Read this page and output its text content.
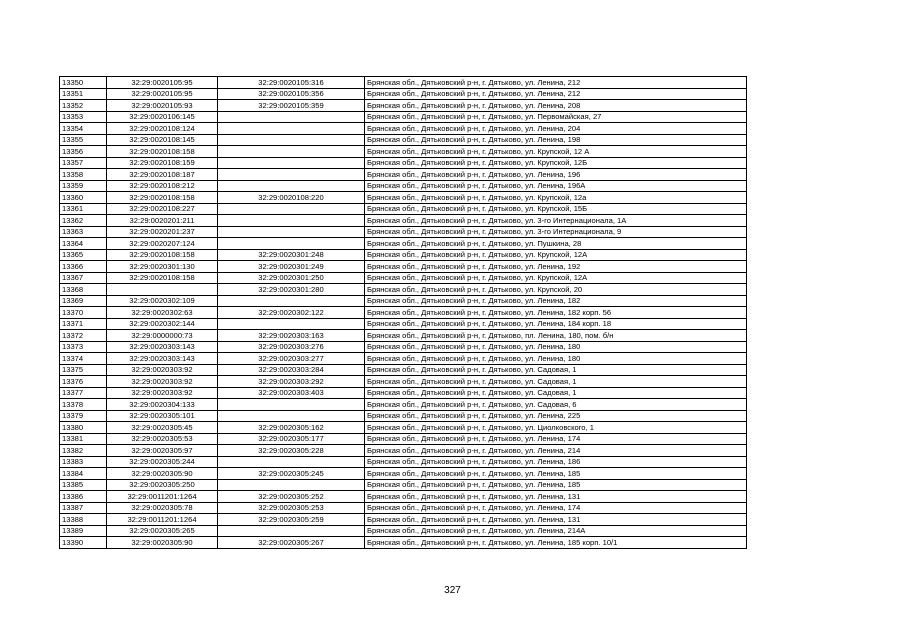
13350	32:29:0020105:95	32:29:0020105:316	Брянская обл., Дятьковский р-н, г. Дятьково, ул. Ленина, 212
13351	32:29:0020105:95	32:29:0020105:356	Брянская обл., Дятьковский р-н, г. Дятьково, ул. Ленина, 212
13352	32:29:0020105:93	32:29:0020105:359	Брянская обл., Дятьковский р-н, г. Дятьково, ул. Ленина, 208
13353	32:29:0020106:145		Брянская обл., Дятьковский р-н, г. Дятьково, ул. Первомайская, 27
13354	32:29:0020108:124		Брянская обл., Дятьковский р-н, г. Дятьково, ул. Ленина, 204
13355	32:29:0020108:145		Брянская обл., Дятьковский р-н, г. Дятьково, ул. Ленина, 198
13356	32:29:0020108:158		Брянская обл., Дятьковский р-н, г. Дятьково, ул. Крупской, 12 А
13357	32:29:0020108:159		Брянская обл., Дятьковский р-н, г. Дятьково, ул. Крупской, 12Б
13358	32:29:0020108:187		Брянская обл., Дятьковский р-н, г. Дятьково, ул. Ленина, 196
13359	32:29:0020108:212		Брянская обл., Дятьковский р-н, г. Дятьково, ул. Ленина, 196А
13360	32:29:0020108:158	32:29:0020108:220	Брянская обл., Дятьковский р-н, г. Дятьково, ул. Крупской, 12а
13361	32:29:0020108:227		Брянская обл., Дятьковский р-н, г. Дятьково, ул. Крупской, 15Б
13362	32:29:0020201:211		Брянская обл., Дятьковский р-н, г. Дятьково, ул. 3-го Интернационала, 1А
13363	32:29:0020201:237		Брянская обл., Дятьковский р-н, г. Дятьково, ул. 3-го Интернационала, 9
13364	32:29:0020207:124		Брянская обл., Дятьковский р-н, г. Дятьково, ул. Пушкина, 28
13365	32:29:0020108:158	32:29:0020301:248	Брянская обл., Дятьковский р-н, г. Дятьково, ул. Крупской, 12А
13366	32:29:0020301:130	32:29:0020301:249	Брянская обл., Дятьковский р-н, г. Дятьково, ул. Ленина, 192
13367	32:29:0020108:158	32:29:0020301:250	Брянская обл., Дятьковский р-н, г. Дятьково, ул. Крупской, 12А
13368		32:29:0020301:280	Брянская обл., Дятьковский р-н, г. Дятьково, ул. Крупской, 20
13369	32:29:0020302:109		Брянская обл., Дятьковский р-н, г. Дятьково, ул. Ленина, 182
13370	32:29:0020302:63	32:29:0020302:122	Брянская обл., Дятьковский р-н, г. Дятьково, ул. Ленина, 182 корп. 56
13371	32:29:0020302:144		Брянская обл., Дятьковский р-н, г. Дятьково, ул. Ленина, 184 корп. 18
13372	32:29:0000000:73	32:29:0020303:163	Брянская обл., Дятьковский р-н, г. Дятьково, пл. Ленина, 180, пом. б/н
13373	32:29:0020303:143	32:29:0020303:276	Брянская обл., Дятьковский р-н, г. Дятьково, ул. Ленина, 180
13374	32:29:0020303:143	32:29:0020303:277	Брянская обл., Дятьковский р-н, г. Дятьково, ул. Ленина, 180
13375	32:29:0020303:92	32:29:0020303:284	Брянская обл., Дятьковский р-н, г. Дятьково, ул. Садовая, 1
13376	32:29:0020303:92	32:29:0020303:292	Брянская обл., Дятьковский р-н, г. Дятьково, ул. Садовая, 1
13377	32:29:0020303:92	32:29:0020303:403	Брянская обл., Дятьковский р-н, г. Дятьково, ул. Садовая, 1
13378	32:29:0020304:133		Брянская обл., Дятьковский р-н, г. Дятьково, ул. Садовая, 6
13379	32:29:0020305:101		Брянская обл., Дятьковский р-н, г. Дятьково, ул. Ленина, 225
13380	32:29:0020305:45	32:29:0020305:162	Брянская обл., Дятьковский р-н, г. Дятьково, ул. Циолковского, 1
13381	32:29:0020305:53	32:29:0020305:177	Брянская обл., Дятьковский р-н, г. Дятьково, ул. Ленина, 174
13382	32:29:0020305:97	32:29:0020305:228	Брянская обл., Дятьковский р-н, г. Дятьково, ул. Ленина, 214
13383	32:29:0020305:244		Брянская обл., Дятьковский р-н, г. Дятьково, ул. Ленина, 186
13384	32:29:0020305:90	32:29:0020305:245	Брянская обл., Дятьковский р-н, г. Дятьково, ул. Ленина, 185
13385	32:29:0020305:250		Брянская обл., Дятьковский р-н, г. Дятьково, ул. Ленина, 185
13386	32:29:0011201:1264	32:29:0020305:252	Брянская обл., Дятьковский р-н, г. Дятьково, ул. Ленина, 131
13387	32:29:0020305:78	32:29:0020305:253	Брянская обл., Дятьковский р-н, г. Дятьково, ул. Ленина, 174
13388	32:29:0011201:1264	32:29:0020305:259	Брянская обл., Дятьковский р-н, г. Дятьково, ул. Ленина, 131
13389	32:29:0020305:265		Брянская обл., Дятьковский р-н, г. Дятьково, ул. Ленина, 214А
13390	32:29:0020305:90	32:29:0020305:267	Брянская обл., Дятьковский р-н, г. Дятьково, ул. Ленина, 185 корп. 10/1
327
